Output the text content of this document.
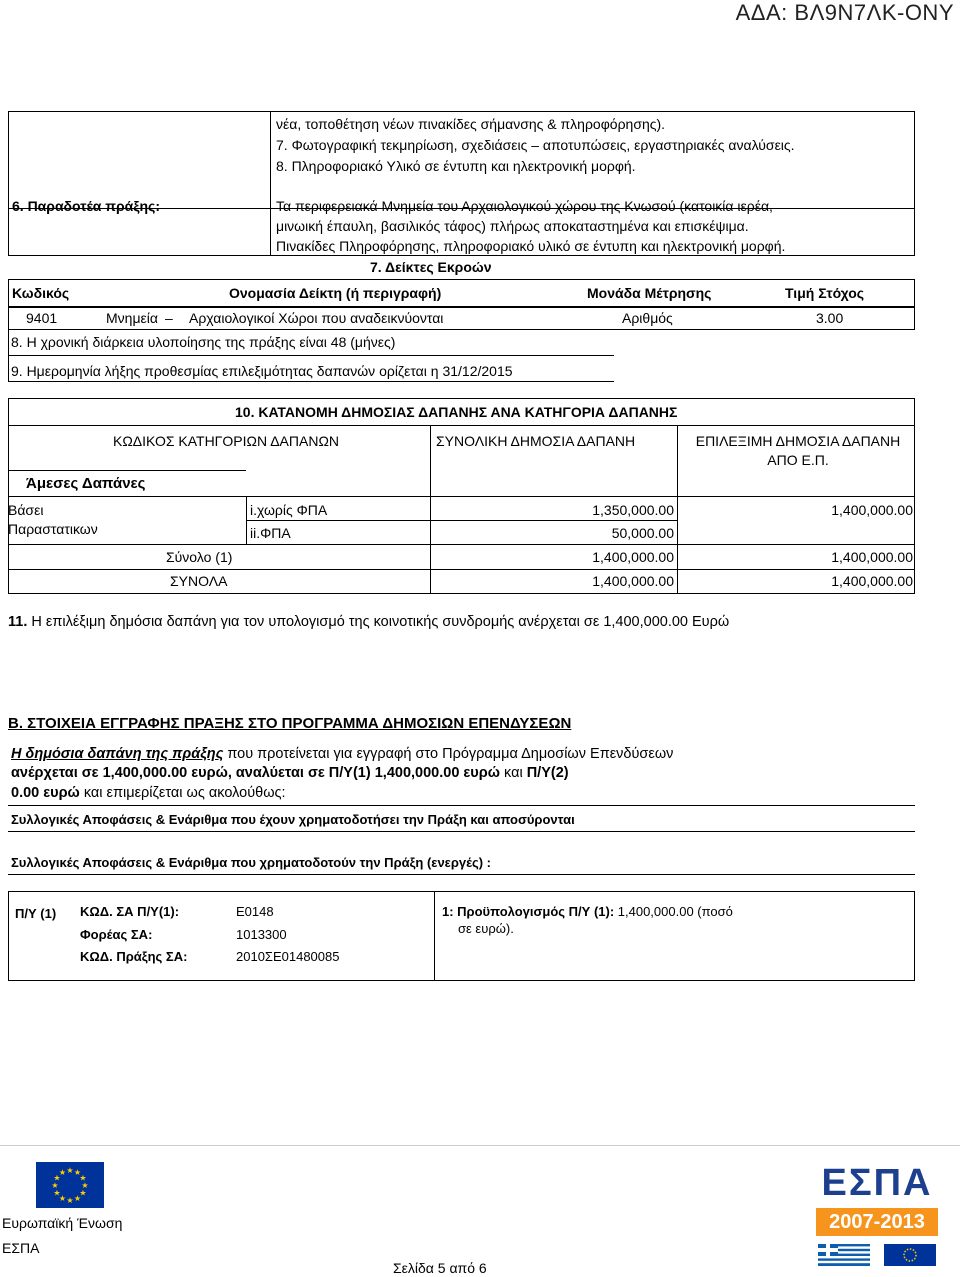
ΑΔΑ: ΒΛ9Ν7ΛΚ-ΟΝΥ
νέα, τοποθέτηση νέων πινακίδες σήμανσης & πληροφόρησης).
7. Φωτογραφική τεκμηρίωση, σχεδιάσεις – αποτυπώσεις, εργαστηριακές αναλύσεις.
8. Πληροφοριακό Υλικό σε έντυπη και ηλεκτρονική μορφή.
6. Παραδοτέα πράξης:	Τα περιφερειακά Μνημεία του Αρχαιολογικού χώρου της Κνωσού (κατοικία ιερέα,
μινωική έπαυλη, βασιλικός τάφος) πλήρως αποκαταστημένα και επισκέψιμα.
Πινακίδες Πληροφόρησης, πληροφοριακό υλικό σε έντυπη και ηλεκτρονική μορφή.
7. Δείκτες Εκροών
Κωδικός	Ονομασία Δείκτη (ή περιγραφή)	Μονάδα Μέτρησης	Τιμή Στόχος
9401	Μνημεία – Αρχαιολογικοί Χώροι που αναδεικνύονται	Αριθμός	3.00
8. Η χρονική διάρκεια υλοποίησης της πράξης είναι 48 (μήνες)
9. Ημερομηνία λήξης προθεσμίας επιλεξιμότητας δαπανών ορίζεται η 31/12/2015
10. ΚΑΤΑΝΟΜΗ ΔΗΜΟΣΙΑΣ ΔΑΠΑΝΗΣ ΑΝΑ ΚΑΤΗΓΟΡΙΑ ΔΑΠΑΝΗΣ
ΚΩΔΙΚΟΣ ΚΑΤΗΓΟΡΙΩΝ ΔΑΠΑΝΩΝ	ΣΥΝΟΛΙΚΗ ΔΗΜΟΣΙΑ ΔΑΠΑΝΗ	ΕΠΙΛΕΞΙΜΗ ΔΗΜΟΣΙΑ ΔΑΠΑΝΗ
ΑΠΟ Ε.Π.
Άμεσες Δαπάνες
Βάσει
Παραστατικων
i.χωρίς ΦΠΑ	1,350,000.00	1,400,000.00
ii.ΦΠΑ	50,000.00
Σύνολο (1)	1,400,000.00	1,400,000.00
ΣΥΝΟΛΑ	1,400,000.00	1,400,000.00
11. Η επιλέξιμη δημόσια δαπάνη για τον υπολογισμό της κοινοτικής συνδρομής ανέρχεται σε 1,400,000.00 Ευρώ
Β. ΣΤΟΙΧΕΙΑ ΕΓΓΡΑΦΗΣ ΠΡΑΞΗΣ ΣΤΟ ΠΡΟΓΡΑΜΜΑ ΔΗΜΟΣΙΩΝ ΕΠΕΝΔΥΣΕΩΝ
Η δημόσια δαπάνη της πράξης που προτείνεται για εγγραφή στο Πρόγραμμα Δημοσίων Επενδύσεων
ανέρχεται σε 1,400,000.00 ευρώ, αναλύεται σε Π/Υ(1) 1,400,000.00 ευρώ και Π/Υ(2)
0.00 ευρώ και επιμερίζεται ως ακολούθως:
Συλλογικές Αποφάσεις & Ενάριθμα που έχουν χρηματοδοτήσει την Πράξη και αποσύρονται
Συλλογικές Αποφάσεις & Ενάριθμα που χρηματοδοτούν την Πράξη (ενεργές) :
Π/Υ (1) ΚΩΔ. ΣΑ Π/Υ(1):	Ε0148
Φορέας ΣΑ:	1013300
ΚΩΔ. Πράξης ΣΑ:	2010ΣΕ01480085
1: Προϋπολογισμός Π/Υ (1): 1,400,000.00 (ποσό
σε ευρώ).
★ ★
★
★
★
★
★
★
★
★
★
★
Ευρωπαϊκή Ένωση
ΕΣΠΑ
Σελίδα 5 από 6
ΕΣΠΑ
2007-2013
